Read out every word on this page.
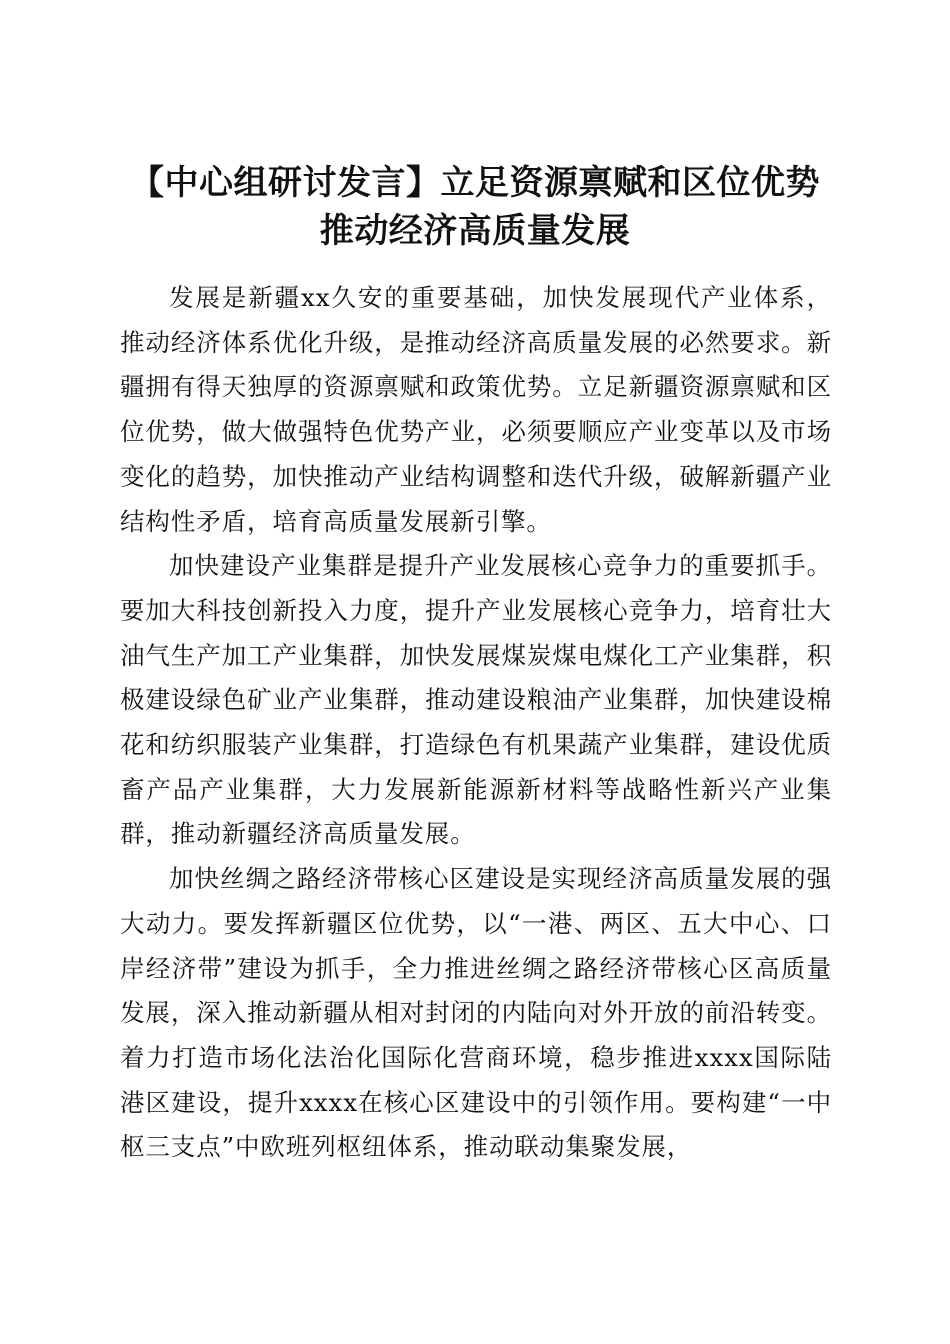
【中心组研讨发言】立足资源禀赋和区位优势
推动经济高质量发展

发展是新疆xx久安的重要基础，加快发展现代产业体系，推动经济体系优化升级，是推动经济高质量发展的必然要求。新疆拥有得天独厚的资源禀赋和政策优势。立足新疆资源禀赋和区位优势，做大做强特色优势产业，必须要顺应产业变革以及市场变化的趋势，加快推动产业结构调整和迭代升级，破解新疆产业结构性矛盾，培育高质量发展新引擎。

加快建设产业集群是提升产业发展核心竞争力的重要抓手。要加大科技创新投入力度，提升产业发展核心竞争力，培育壮大油气生产加工产业集群，加快发展煤炭煤电煤化工产业集群，积极建设绿色矿业产业集群，推动建设粮油产业集群，加快建设棉花和纺织服装产业集群，打造绿色有机果蔬产业集群，建设优质畜产品产业集群，大力发展新能源新材料等战略性新兴产业集群，推动新疆经济高质量发展。

加快丝绸之路经济带核心区建设是实现经济高质量发展的强大动力。要发挥新疆区位优势，以“一港、两区、五大中心、口岸经济带”建设为抓手，全力推进丝绸之路经济带核心区高质量发展，深入推动新疆从相对封闭的内陆向对外开放的前沿转变。着力打造市场化法治化国际化营商环境，稳步推进xxxx国际陆港区建设，提升xxxx在核心区建设中的引领作用。要构建“一中枢三支点”中欧班列枢纽体系，推动联动集聚发展，
